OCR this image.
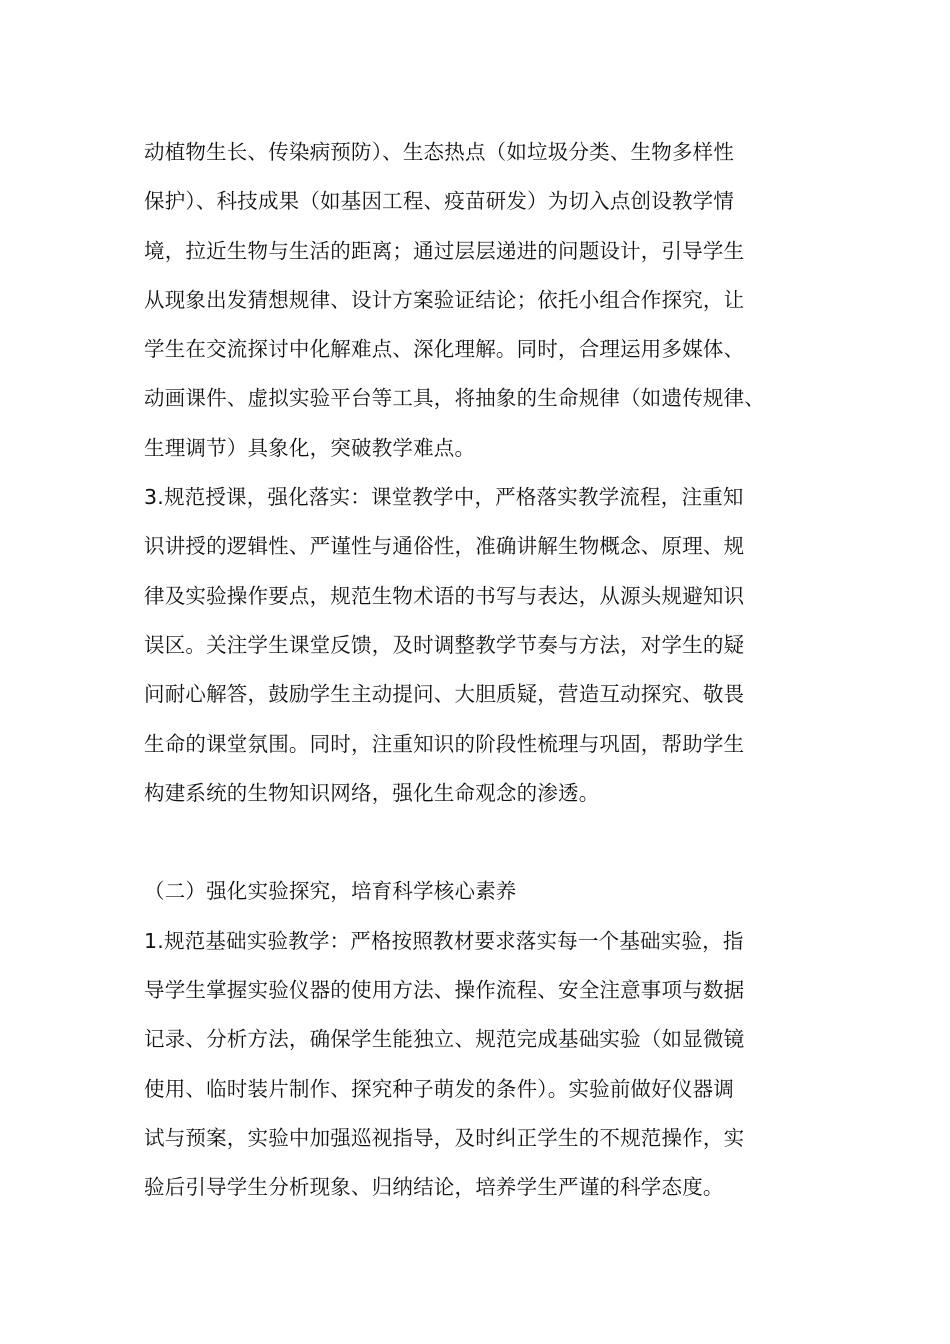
动植物生长、传染病预防）、生态热点（如垃圾分类、生物多样性
保护）、科技成果（如基因工程、疫苗研发）为切入点创设教学情
境，拉近生物与生活的距离；通过层层递进的问题设计，引导学生
从现象出发猜想规律、设计方案验证结论；依托小组合作探究，让
学生在交流探讨中化解难点、深化理解。同时，合理运用多媒体、
动画课件、虚拟实验平台等工具，将抽象的生命规律（如遗传规律、
生理调节）具象化，突破教学难点。
3.规范授课，强化落实：课堂教学中，严格落实教学流程，注重知
识讲授的逻辑性、严谨性与通俗性，准确讲解生物概念、原理、规
律及实验操作要点，规范生物术语的书写与表达，从源头规避知识
误区。关注学生课堂反馈，及时调整教学节奏与方法，对学生的疑
问耐心解答，鼓励学生主动提问、大胆质疑，营造互动探究、敬畏
生命的课堂氛围。同时，注重知识的阶段性梳理与巩固，帮助学生
构建系统的生物知识网络，强化生命观念的渗透。
（二）强化实验探究，培育科学核心素养
1.规范基础实验教学：严格按照教材要求落实每一个基础实验，指
导学生掌握实验仪器的使用方法、操作流程、安全注意事项与数据
记录、分析方法，确保学生能独立、规范完成基础实验（如显微镜
使用、临时装片制作、探究种子萌发的条件）。实验前做好仪器调
试与预案，实验中加强巡视指导，及时纠正学生的不规范操作，实
验后引导学生分析现象、归纳结论，培养学生严谨的科学态度。
